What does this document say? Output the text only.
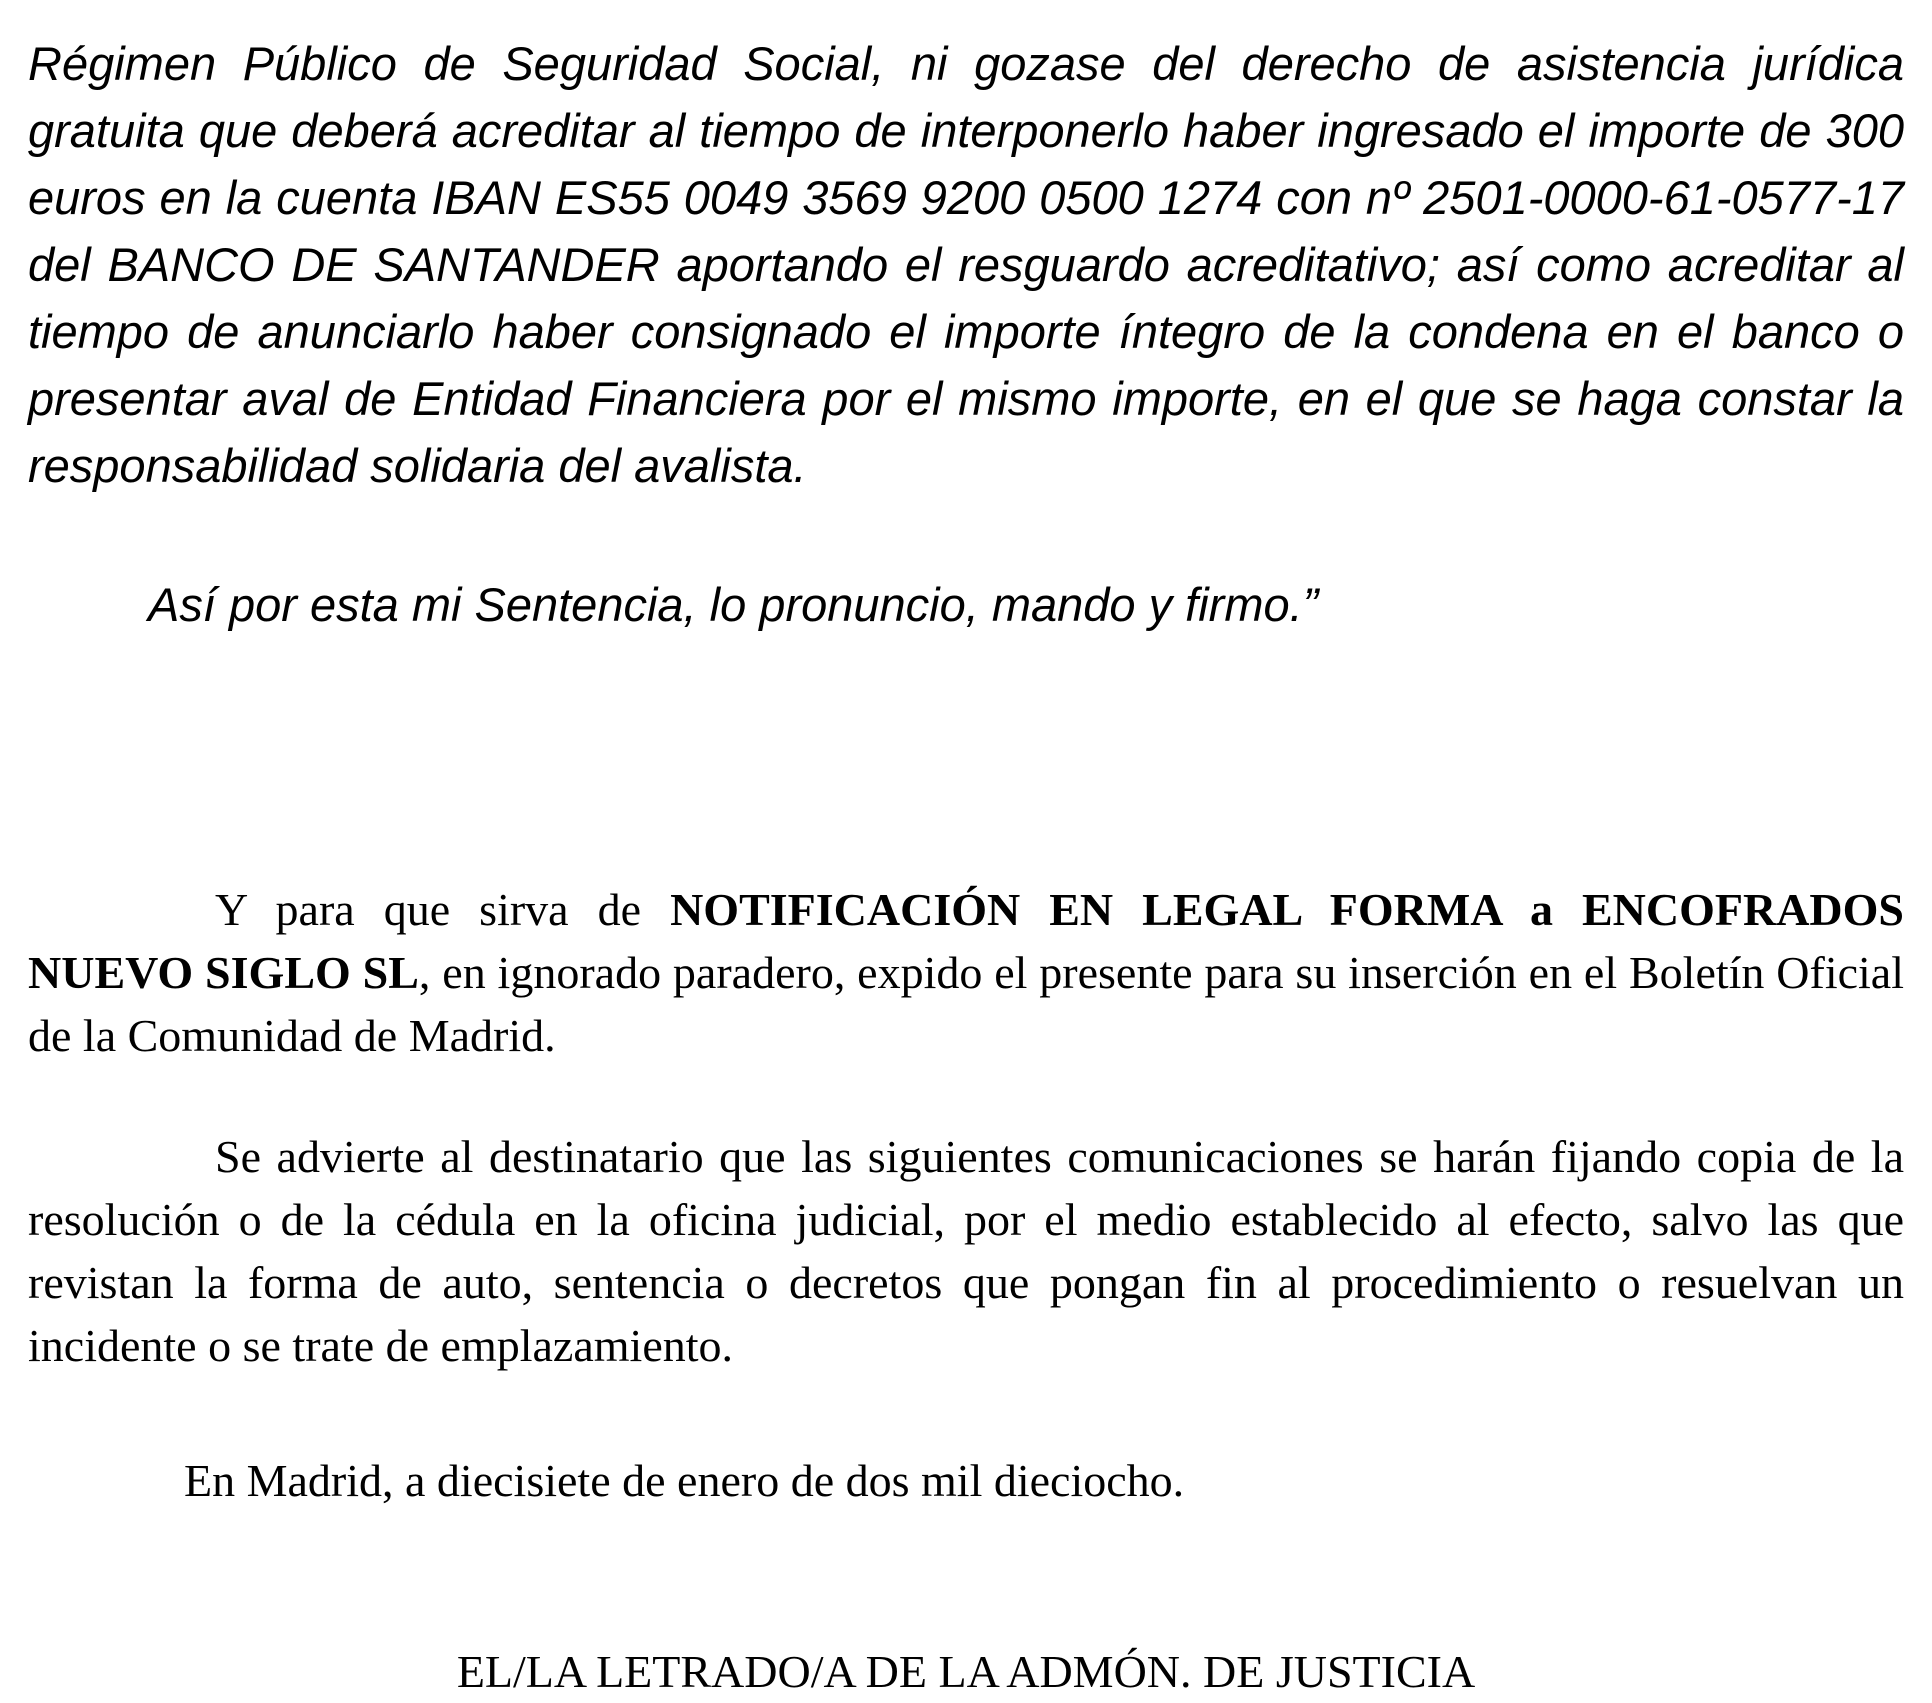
Régimen Público de Seguridad Social, ni gozase del derecho de asistencia jurídica gratuita que deberá acreditar al tiempo de interponerlo haber ingresado el importe de 300 euros en la cuenta IBAN ES55 0049 3569 9200 0500 1274 con nº 2501-0000-61-0577-17 del BANCO DE SANTANDER aportando el resguardo acreditativo; así como acreditar al tiempo de anunciarlo haber consignado el importe íntegro de la condena en el banco o presentar aval de Entidad Financiera por el mismo importe, en el que se haga constar la responsabilidad solidaria del avalista.

Así por esta mi Sentencia, lo pronuncio, mando y firmo.”

Y para que sirva de NOTIFICACIÓN EN LEGAL FORMA a ENCOFRADOS NUEVO SIGLO SL, en ignorado paradero, expido el presente para su inserción en el Boletín Oficial de la Comunidad de Madrid.

Se advierte al destinatario que las siguientes comunicaciones se harán fijando copia de la resolución o de la cédula en la oficina judicial, por el medio establecido al efecto, salvo las que revistan la forma de auto, sentencia o decretos que pongan fin al procedimiento o resuelvan un incidente o se trate de emplazamiento.

En Madrid, a diecisiete de enero de dos mil dieciocho.

EL/LA LETRADO/A DE LA ADMÓN. DE JUSTICIA
